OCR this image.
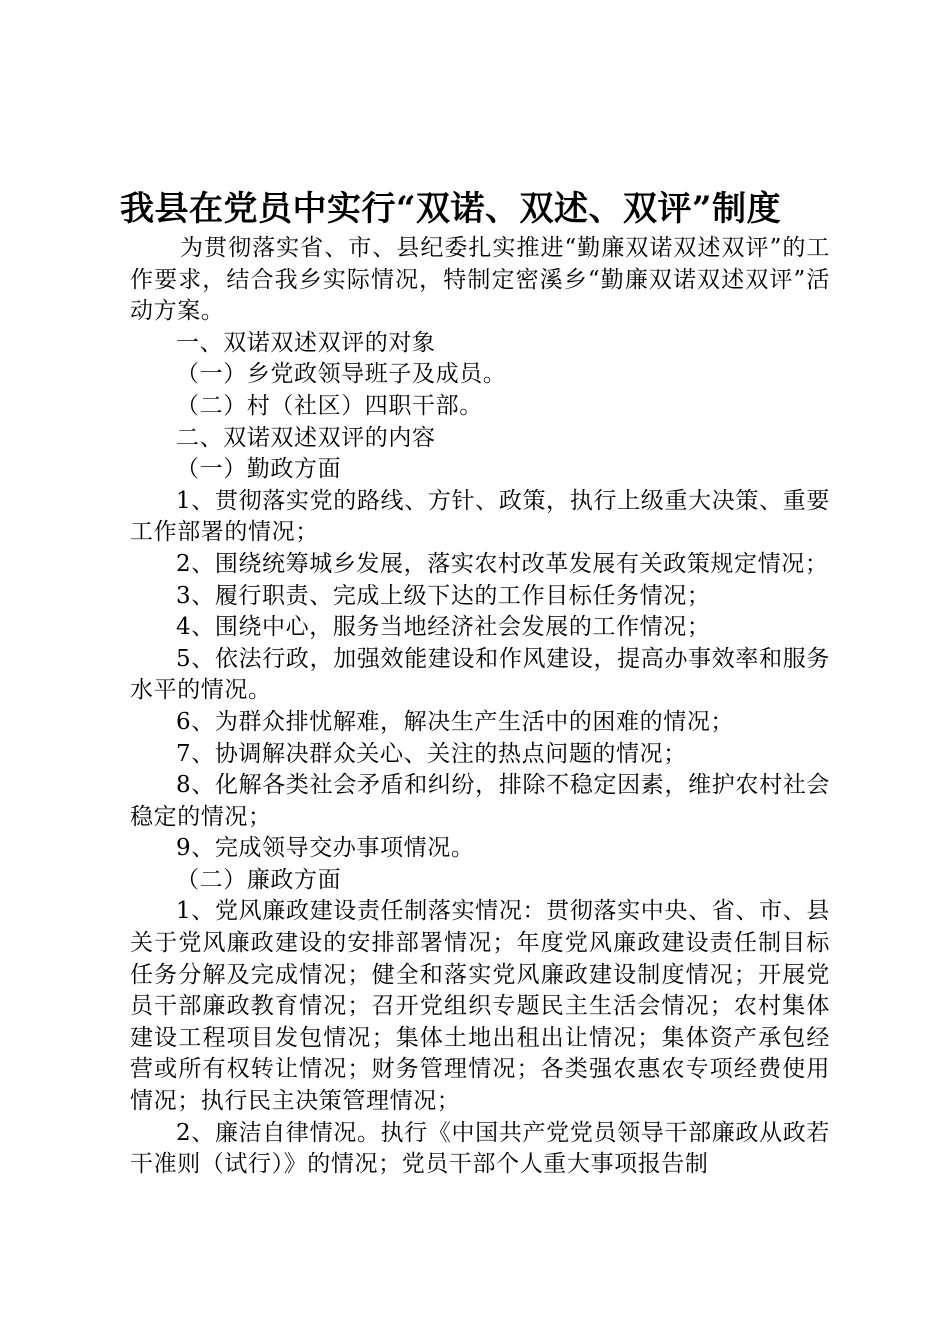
我县在党员中实行“双诺、双述、双评”制度

为贯彻落实省、市、县纪委扎实推进“勤廉双诺双述双评”的工作要求，结合我乡实际情况，特制定密溪乡“勤廉双诺双述双评”活动方案。

一、双诺双述双评的对象

（一）乡党政领导班子及成员。

（二）村（社区）四职干部。

二、双诺双述双评的内容

（一）勤政方面

1、贯彻落实党的路线、方针、政策，执行上级重大决策、重要工作部署的情况；

2、围绕统筹城乡发展，落实农村改革发展有关政策规定情况；

3、履行职责、完成上级下达的工作目标任务情况；

4、围绕中心，服务当地经济社会发展的工作情况；

5、依法行政，加强效能建设和作风建设，提高办事效率和服务水平的情况。

6、为群众排忧解难，解决生产生活中的困难的情况；

7、协调解决群众关心、关注的热点问题的情况；

8、化解各类社会矛盾和纠纷，排除不稳定因素，维护农村社会稳定的情况；

9、完成领导交办事项情况。

（二）廉政方面

1、党风廉政建设责任制落实情况：贯彻落实中央、省、市、县关于党风廉政建设的安排部署情况；年度党风廉政建设责任制目标任务分解及完成情况；健全和落实党风廉政建设制度情况；开展党员干部廉政教育情况；召开党组织专题民主生活会情况；农村集体建设工程项目发包情况；集体土地出租出让情况；集体资产承包经营或所有权转让情况；财务管理情况；各类强农惠农专项经费使用情况；执行民主决策管理情况；

2、廉洁自律情况。执行《中国共产党党员领导干部廉政从政若干准则（试行）》的情况；党员干部个人重大事项报告制
